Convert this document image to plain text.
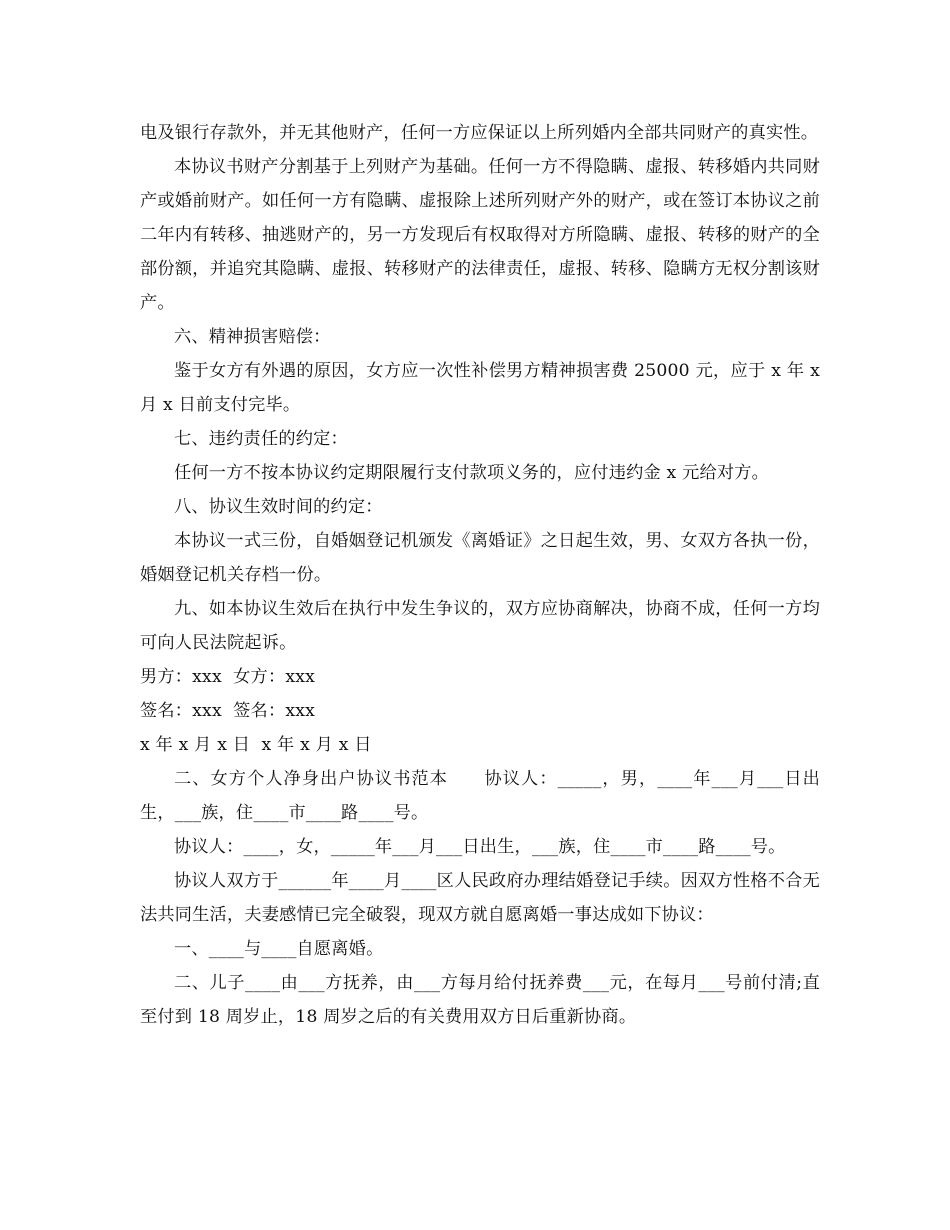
电及银行存款外，并无其他财产，任何一方应保证以上所列婚内全部共同财产的真实性。

本协议书财产分割基于上列财产为基础。任何一方不得隐瞒、虚报、转移婚内共同财产或婚前财产。如任何一方有隐瞒、虚报除上述所列财产外的财产，或在签订本协议之前二年内有转移、抽逃财产的，另一方发现后有权取得对方所隐瞒、虚报、转移的财产的全部份额，并追究其隐瞒、虚报、转移财产的法律责任，虚报、转移、隐瞒方无权分割该财产。

六、精神损害赔偿：

鉴于女方有外遇的原因，女方应一次性补偿男方精神损害费 25000 元，应于 x 年 x 月 x 日前支付完毕。

七、违约责任的约定：

任何一方不按本协议约定期限履行支付款项义务的，应付违约金 x 元给对方。

八、协议生效时间的约定：

本协议一式三份，自婚姻登记机颁发《离婚证》之日起生效，男、女双方各执一份，婚姻登记机关存档一份。

九、如本协议生效后在执行中发生争议的，双方应协商解决，协商不成，任何一方均可向人民法院起诉。

男方：xxx  女方：xxx

签名：xxx  签名：xxx

x 年 x 月 x 日  x 年 x 月 x 日

二、女方个人净身出户协议书范本　　协议人：_____，男，____年___月___日出生，___族，住____市____路____号。

协议人：____，女，_____年___月___日出生，___族，住____市____路____号。

协议人双方于______年____月____区人民政府办理结婚登记手续。因双方性格不合无法共同生活，夫妻感情已完全破裂，现双方就自愿离婚一事达成如下协议：

一、____与____自愿离婚。

二、儿子____由___方抚养，由___方每月给付抚养费___元，在每月___号前付清;直至付到 18 周岁止，18 周岁之后的有关费用双方日后重新协商。
